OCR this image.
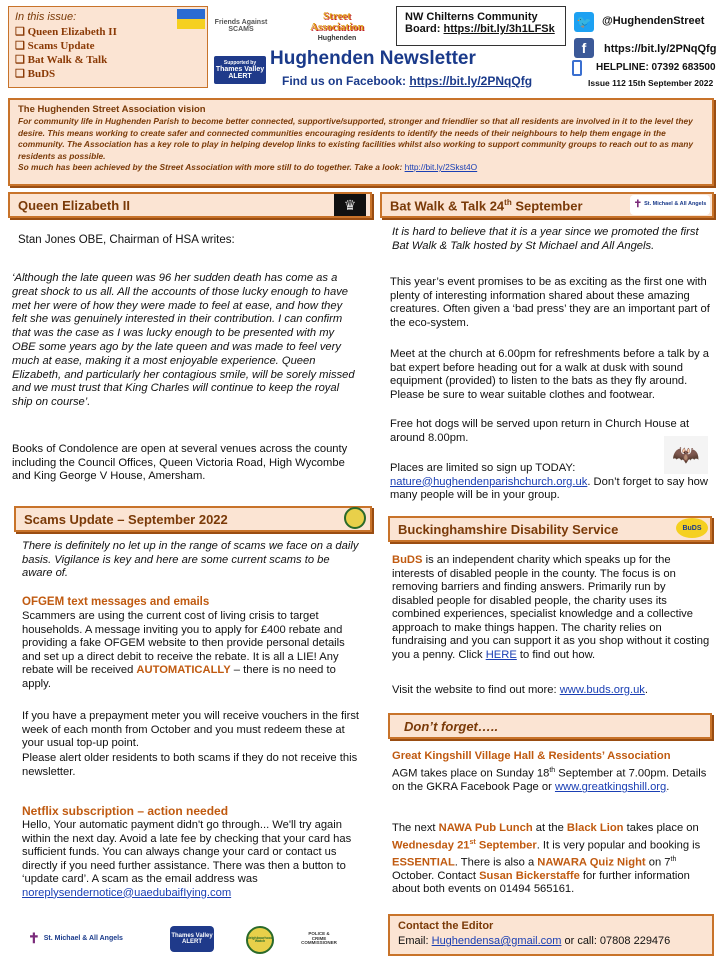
In this issue:
❑ Queen Elizabeth II
❑ Scams Update
❑ Bat Walk & Talk
❑ BuDS
Friends Against SCAMS
Street Association
Hughenden
Supported by
Thames Valley ALERT
Hughenden Newsletter
Find us on Facebook: https://bit.ly/2PNqQfg
NW Chilterns Community
Board: https://bit.ly/3h1LFSk 🐦 @HughendenStreet
f	https://bit.ly/2PNqQfg
HELPLINE: 07392 683500
Issue 112 15th September 2022
The Hughenden Street Association vision
For community life in Hughenden Parish to become better connected, supportive/supported, stronger and friendlier so that all residents are involved in it to the level they desire. This means working to create safer and connected communities encouraging residents to identify the needs of their neighbours to help them engage in the community. The Association has a key role to play in helping develop links to existing facilities whilst also working to support community groups to reach out to as many residents as possible.
So much has been achieved by the Street Association with more still to do together. Take a look: http://bit.ly/2Skst4O
Queen Elizabeth II	♛

Stan Jones OBE, Chairman of HSA writes:

‘Although the late queen was 96 her sudden death has come as a great shock to us all. All the accounts of those lucky enough to have met her were of how they were made to feel at ease, and how they felt she was genuinely interested in their contribution. I can confirm that was the case as I was lucky enough to be presented with my OBE some years ago by the late queen and was made to feel very much at ease, making it a most enjoyable experience. Queen Elizabeth, and particularly her contagious smile, will be sorely missed and we must trust that King Charles will continue to keep the royal ship on course’.

Books of Condolence are open at several venues across the county including the Council Offices, Queen Victoria Road, High Wycombe and King George V House, Amersham.

Scams Update – September 2022

There is definitely no let up in the range of scams we face on a daily basis. Vigilance is key and here are some current scams to be aware of.

OFGEM text messages and emails

Scammers are using the current cost of living crisis to target households. A message inviting you to apply for £400 rebate and providing a fake OFGEM website to then provide personal details and set up a direct debit to receive the rebate. It is all a LIE! Any rebate will be received AUTOMATICALLY – there is no need to apply.

If you have a prepayment meter you will receive vouchers in the first week of each month from October and you must redeem these at your usual top-up point.

Please alert older residents to both scams if they do not receive this newsletter.

Netflix subscription – action needed

Hello, Your automatic payment didn't go through... We'll try again within the next day. Avoid a late fee by checking that your card has sufficient funds. You can always change your card or contact us directly if you need further assistance. There was then a button to ‘update card’. A scam as the email address was noreplysendernotice@uaedubaifIying.com

✝ St. Michael & All Angels	Thames Valley ALERT
Neighbourhood Watch
POLICE & CRIME COMMISSIONER
Bat Walk & Talk 24th September	✝ St. Michael & All Angels

It is hard to believe that it is a year since we promoted the first Bat Walk & Talk hosted by St Michael and All Angels.

This year’s event promises to be as exciting as the first one with plenty of interesting information shared about these amazing creatures. Often given a ‘bad press’ they are an important part of the eco-system.

Meet at the church at 6.00pm for refreshments before a talk by a bat expert before heading out for a walk at dusk with sound equipment (provided) to listen to the bats as they fly around. Please be sure to wear suitable clothes and footwear.

Free hot dogs will be served upon return in Church House at around 8.00pm.

🦇

Places are limited so sign up TODAY: nature@hughendenparishchurch.org.uk. Don’t forget to say how many people will be in your group.

Buckinghamshire Disability Service	BuDS

BuDS is an independent charity which speaks up for the interests of disabled people in the county. The focus is on removing barriers and finding answers. Primarily run by disabled people for disabled people, the charity uses its combined experiences, specialist knowledge and a collective approach to make things happen. The charity relies on fundraising and you can support it as you shop without it costing you a penny. Click HERE to find out how.

Visit the website to find out more: www.buds.org.uk.

Don’t forget…..
Great Kingshill Village Hall & Residents’ Association

AGM takes place on Sunday 18th September at 7.00pm. Details on the GKRA Facebook Page or www.greatkingshill.org.

The next NAWA Pub Lunch at the Black Lion takes place on Wednesday 21st September. It is very popular and booking is ESSENTIAL. There is also a NAWARA Quiz Night on 7th October. Contact Susan Bickerstaffe for further information about both events on 01494 565161.

Contact the Editor
Email: Hughendensa@gmail.com or call: 07808 229476
